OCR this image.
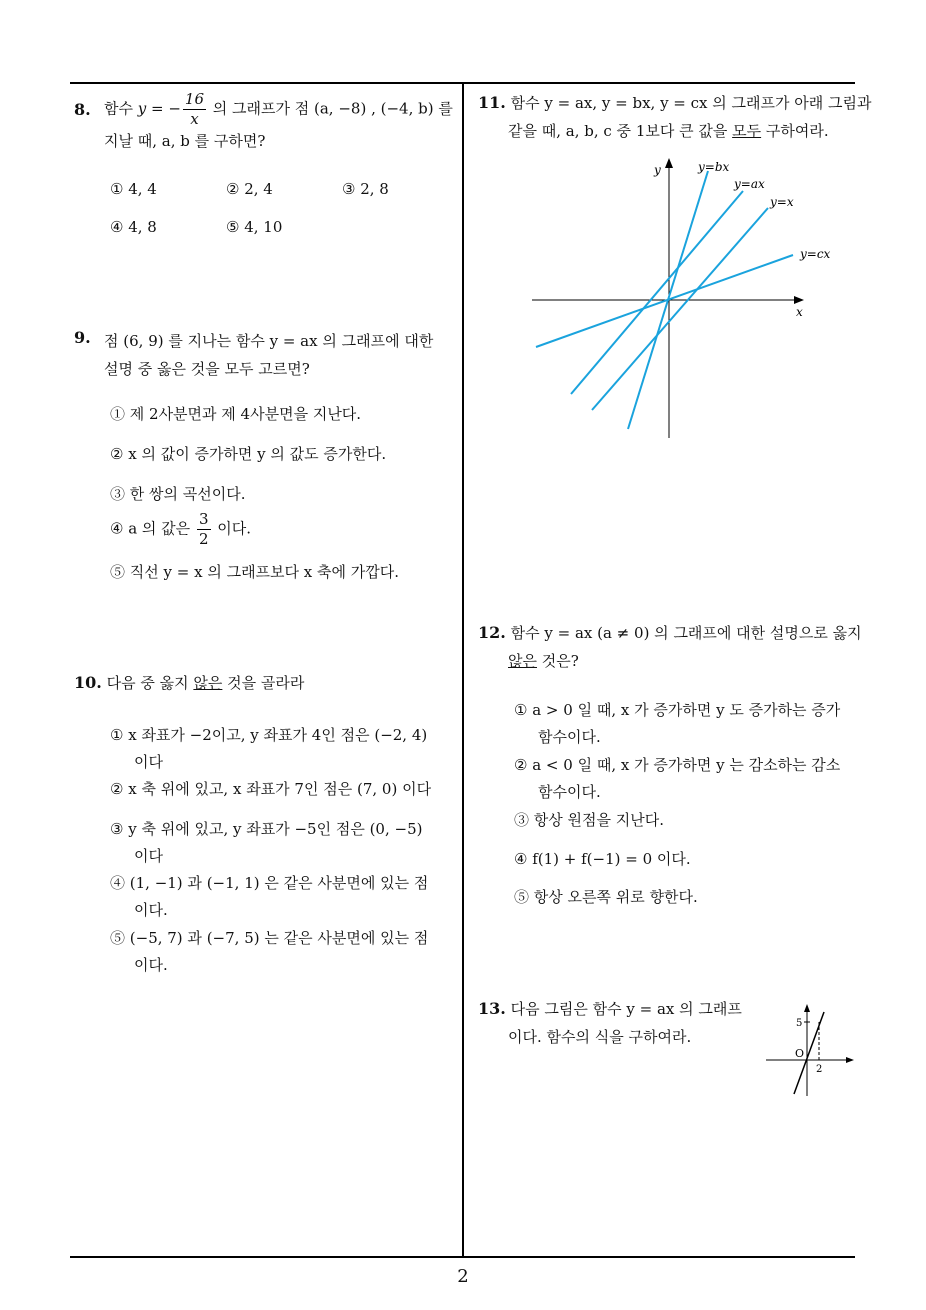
8. 함수 y = − $\frac{16}{x}$ 의 그래프가 점 (a, −8) , (−4, b) 를
지날 때, a, b 를 구하면?
① 4, 4	② 2, 4	③ 2, 8
④ 4, 8	⑤ 4, 10
9. 점 (6, 9) 를 지나는 함수 y = ax 의 그래프에 대한
설명 중 옳은 것을 모두 고르면?
① 제 2사분면과 제 4사분면을 지난다.
② x 의 값이 증가하면 y 의 값도 증가한다.
③ 한 쌍의 곡선이다.
④ a 의 값은 $\frac{3}{2}$ 이다.
⑤ 직선 y = x 의 그래프보다 x 축에 가깝다.
10. 다음 중 옳지 않은 것을 골라라
① x 좌표가 −2이고, y 좌표가 4인 점은 (−2, 4)
이다
② x 축 위에 있고, x 좌표가 7인 점은 (7, 0) 이다
③ y 축 위에 있고, y 좌표가 −5인 점은 (0, −5)
이다
④ (1, −1) 과 (−1, 1) 은 같은 사분면에 있는 점
이다.
⑤ (−5, 7) 과 (−7, 5) 는 같은 사분면에 있는 점
이다.
11. 함수 y = ax, y = bx, y = cx 의 그래프가 아래 그림과
같을 때, a, b, c 중 1보다 큰 값을 모두 구하여라.
x
y	y=bx
y=ax
y=x
y=cx
12. 함수 y = ax (a ≠ 0) 의 그래프에 대한 설명으로 옳지
않은 것은?
① a > 0 일 때, x 가 증가하면 y 도 증가하는 증가
함수이다.
② a < 0 일 때, x 가 증가하면 y 는 감소하는 감소
함수이다.
③ 항상 원점을 지난다.
④ f(1) + f(−1) = 0 이다.
⑤ 항상 오른쪽 위로 향한다.
13. 다음 그림은 함수 y = ax 의 그래프
이다. 함수의 식을 구하여라.
5
2
O
2
